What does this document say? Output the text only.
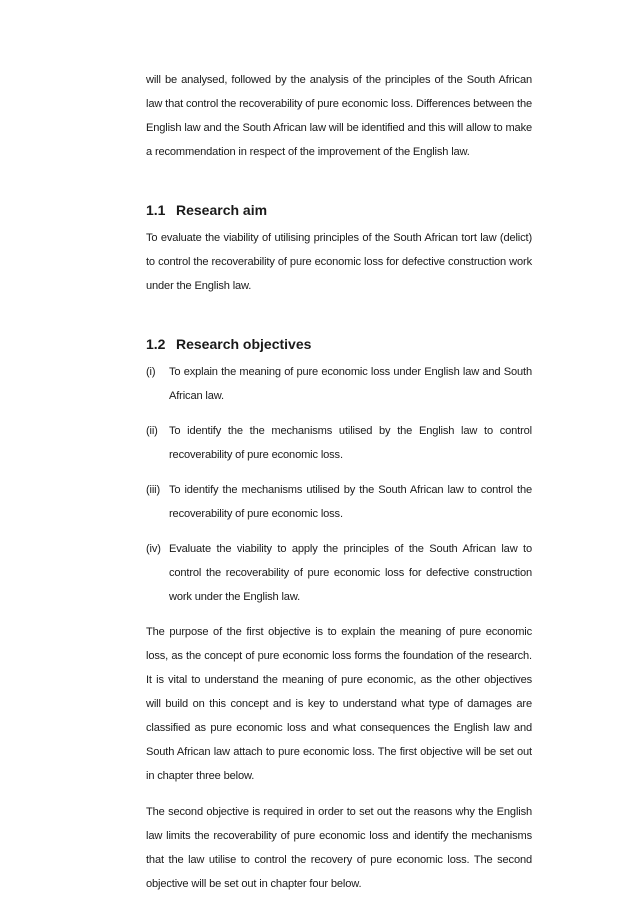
will be analysed, followed by the analysis of the principles of the South African law that control the recoverability of pure economic loss. Differences between the English law and the South African law will be identified and this will allow to make a recommendation in respect of the improvement of the English law.

1.1 Research aim

To evaluate the viability of utilising principles of the South African tort law (delict) to control the recoverability of pure economic loss for defective construction work under the English law.

1.2 Research objectives
(i) To explain the meaning of pure economic loss under English law and South African law.
(ii) To identify the the mechanisms utilised by the English law to control recoverability of pure economic loss.
(iii) To identify the mechanisms utilised by the South African law to control the recoverability of pure economic loss.
(iv) Evaluate the viability to apply the principles of the South African law to control the recoverability of pure economic loss for defective construction work under the English law.

The purpose of the first objective is to explain the meaning of pure economic loss, as the concept of pure economic loss forms the foundation of the research. It is vital to understand the meaning of pure economic, as the other objectives will build on this concept and is key to understand what type of damages are classified as pure economic loss and what consequences the English law and South African law attach to pure economic loss. The first objective will be set out in chapter three below.

The second objective is required in order to set out the reasons why the English law limits the recoverability of pure economic loss and identify the mechanisms that the law utilise to control the recovery of pure economic loss. The second objective will be set out in chapter four below.
